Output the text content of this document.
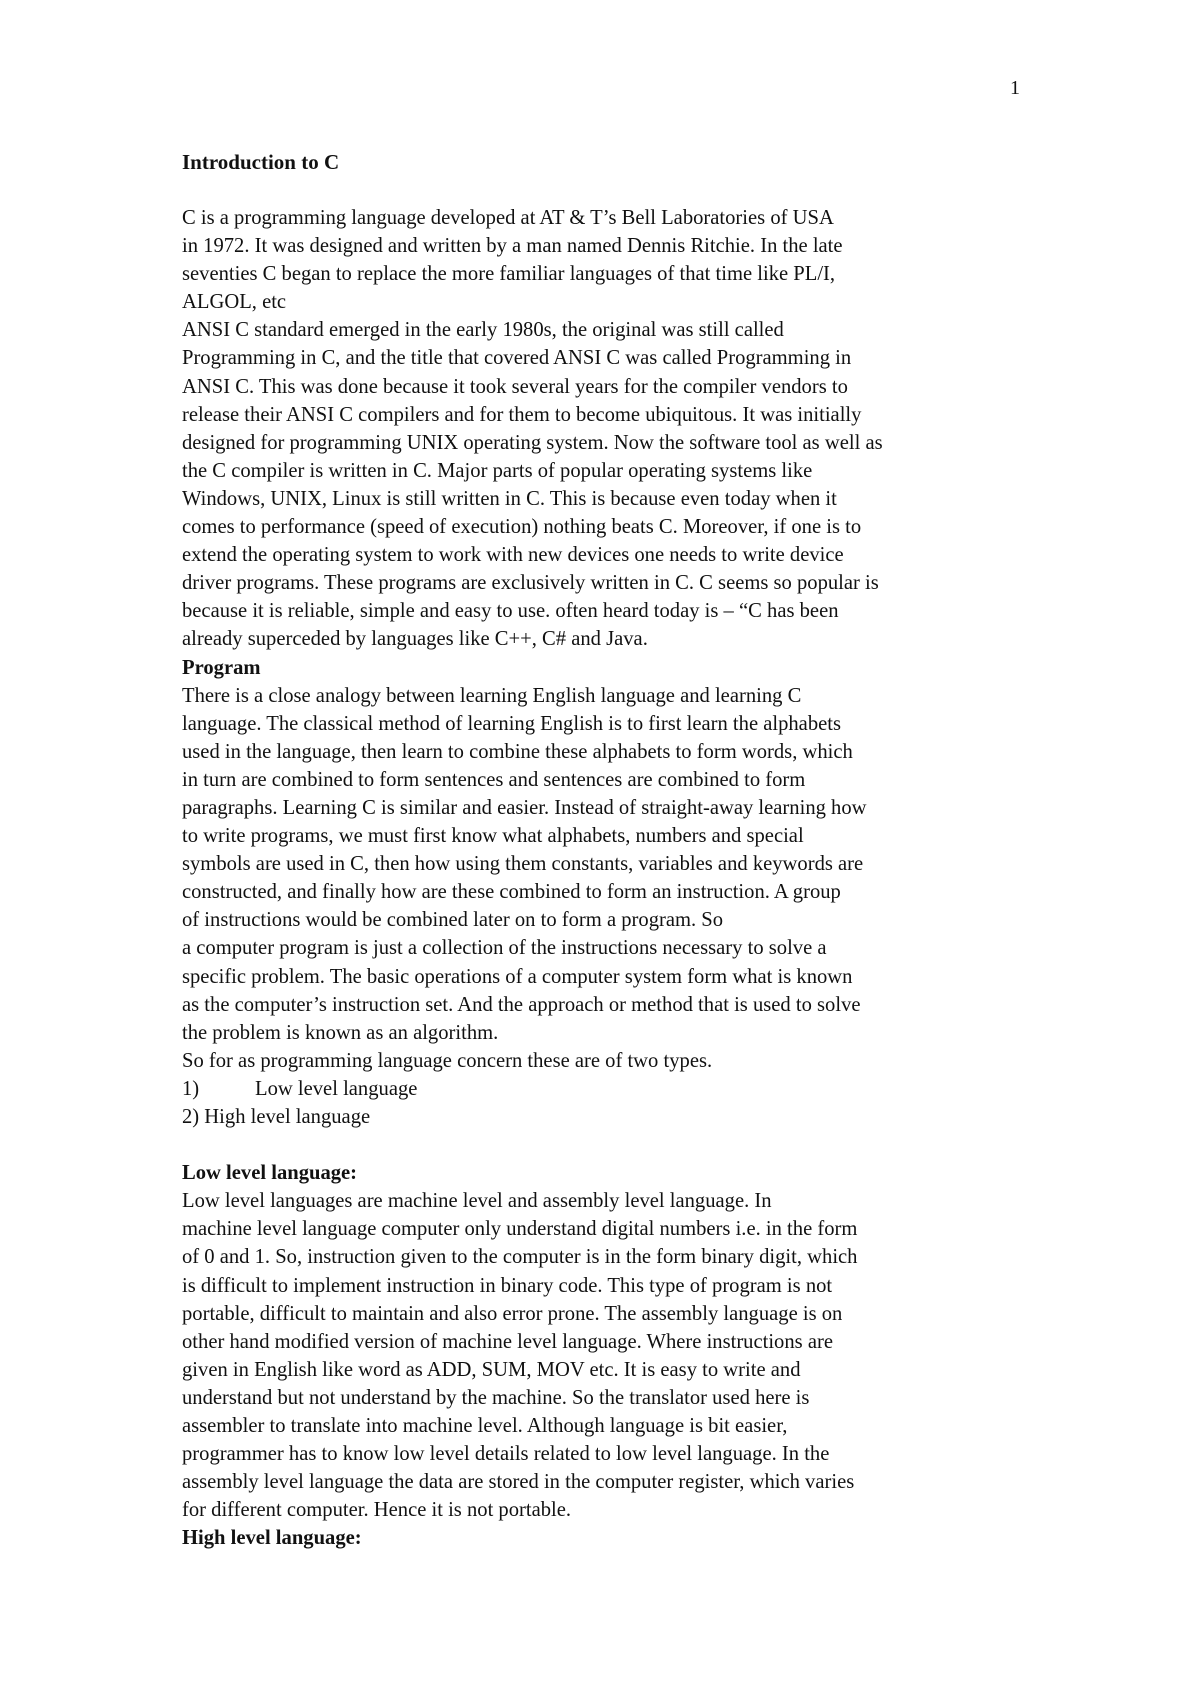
1
Introduction to C
C is a programming language developed at AT & T’s Bell Laboratories of USA
in 1972. It was designed and written by a man named Dennis Ritchie. In the late
seventies C began to replace the more familiar languages of that time like PL/I,
ALGOL, etc
ANSI C standard emerged in the early 1980s, the original was still called
Programming in C, and the title that covered ANSI C was called Programming in
ANSI C. This was done because it took several years for the compiler vendors to
release their ANSI C compilers and for them to become ubiquitous. It was initially
designed for programming UNIX operating system. Now the software tool as well as
the C compiler is written in C. Major parts of popular operating systems like
Windows, UNIX, Linux is still written in C. This is because even today when it
comes to performance (speed of execution) nothing beats C. Moreover, if one is to
extend the operating system to work with new devices one needs to write device
driver programs. These programs are exclusively written in C. C seems so popular is
because it is reliable, simple and easy to use. often heard today is – “C has been
already superceded by languages like C++, C# and Java.
Program
There is a close analogy between learning English language and learning C
language. The classical method of learning English is to first learn the alphabets
used in the language, then learn to combine these alphabets to form words, which
in turn are combined to form sentences and sentences are combined to form
paragraphs. Learning C is similar and easier. Instead of straight-away learning how
to write programs, we must first know what alphabets, numbers and special
symbols are used in C, then how using them constants, variables and keywords are
constructed, and finally how are these combined to form an instruction. A group
of instructions would be combined later on to form a program. So
a computer program is just a collection of the instructions necessary to solve a
specific problem. The basic operations of a computer system form what is known
as the computer’s instruction set. And the approach or method that is used to solve
the problem is known as an algorithm.
So for as programming language concern these are of two types.
1)	Low level language
2) High level language
Low level language:
Low level languages are machine level and assembly level language. In
machine level language computer only understand digital numbers i.e. in the form
of 0 and 1. So, instruction given to the computer is in the form binary digit, which
is difficult to implement instruction in binary code. This type of program is not
portable, difficult to maintain and also error prone. The assembly language is on
other hand modified version of machine level language. Where instructions are
given in English like word as ADD, SUM, MOV etc. It is easy to write and
understand but not understand by the machine. So the translator used here is
assembler to translate into machine level. Although language is bit easier,
programmer has to know low level details related to low level language. In the
assembly level language the data are stored in the computer register, which varies
for different computer. Hence it is not portable.
High level language:
